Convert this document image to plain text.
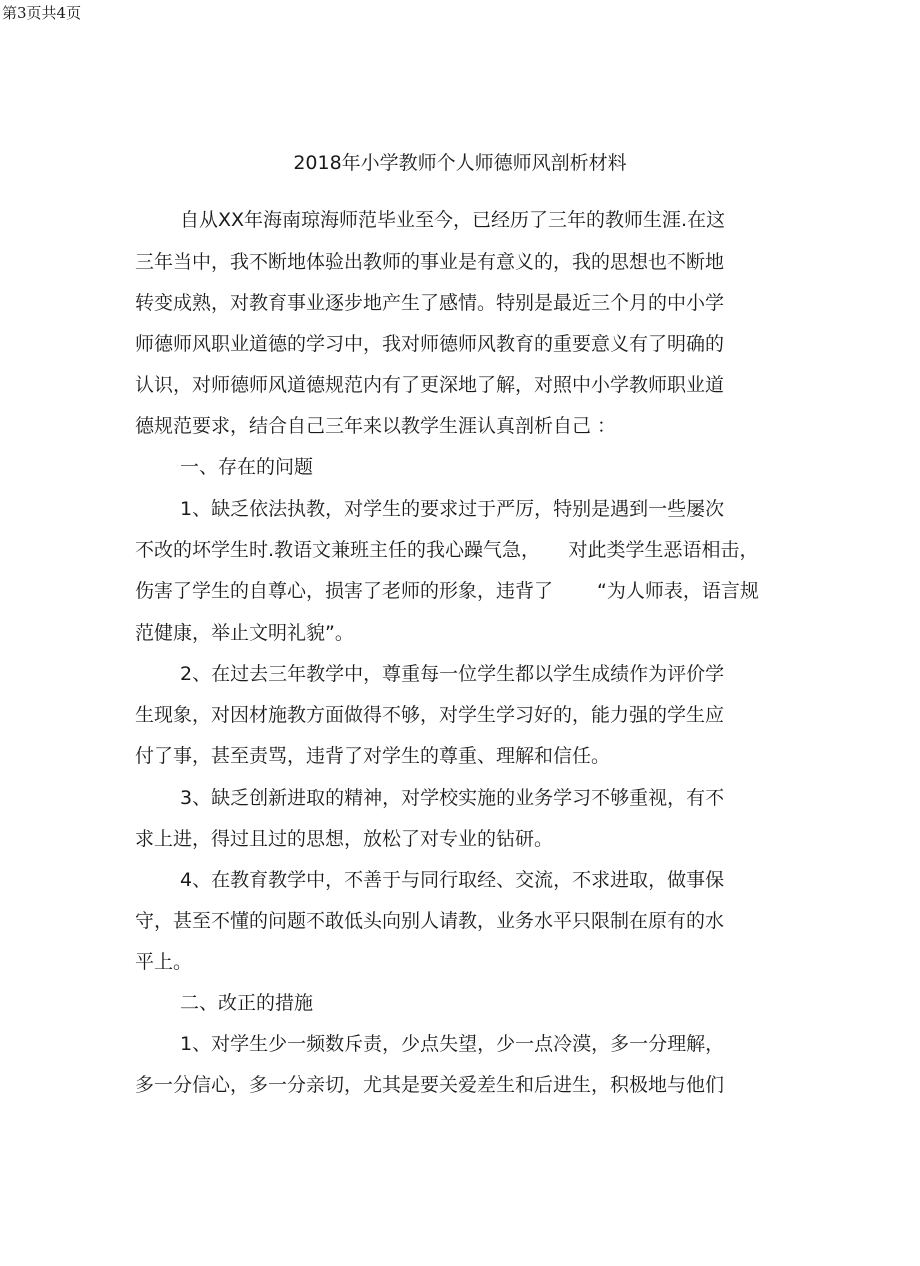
第3页共4页
2018年小学教师个人师德师风剖析材料
自从XX年海南琼海师范毕业至今，已经历了三年的教师生涯.在这
三年当中，我不断地体验出教师的事业是有意义的，我的思想也不断地
转变成熟，对教育事业逐步地产生了感情。特别是最近三个月的中小学
师德师风职业道德的学习中，我对师德师风教育的重要意义有了明确的
认识，对师德师风道德规范内有了更深地了解，对照中小学教师职业道
德规范要求，结合自己三年来以教学生涯认真剖析自己 ：
一、存在的问题
1、缺乏依法执教，对学生的要求过于严厉，特别是遇到一些屡次
不改的坏学生时.教语文兼班主任的我心躁气急，　　对此类学生恶语相击，
伤害了学生的自尊心，损害了老师的形象，违背了　　 “为人师表，语言规
范健康，举止文明礼貌”。
2、在过去三年教学中，尊重每一位学生都以学生成绩作为评价学
生现象，对因材施教方面做得不够，对学生学习好的，能力强的学生应
付了事，甚至责骂，违背了对学生的尊重、理解和信任。
3、缺乏创新进取的精神，对学校实施的业务学习不够重视，有不
求上进，得过且过的思想，放松了对专业的钻研。
4、在教育教学中，不善于与同行取经、交流，不求进取，做事保
守，甚至不懂的问题不敢低头向别人请教，业务水平只限制在原有的水
平上。
二、改正的措施
1、对学生少一频数斥责，少点失望，少一点冷漠，多一分理解，
多一分信心，多一分亲切，尤其是要关爱差生和后进生，积极地与他们
